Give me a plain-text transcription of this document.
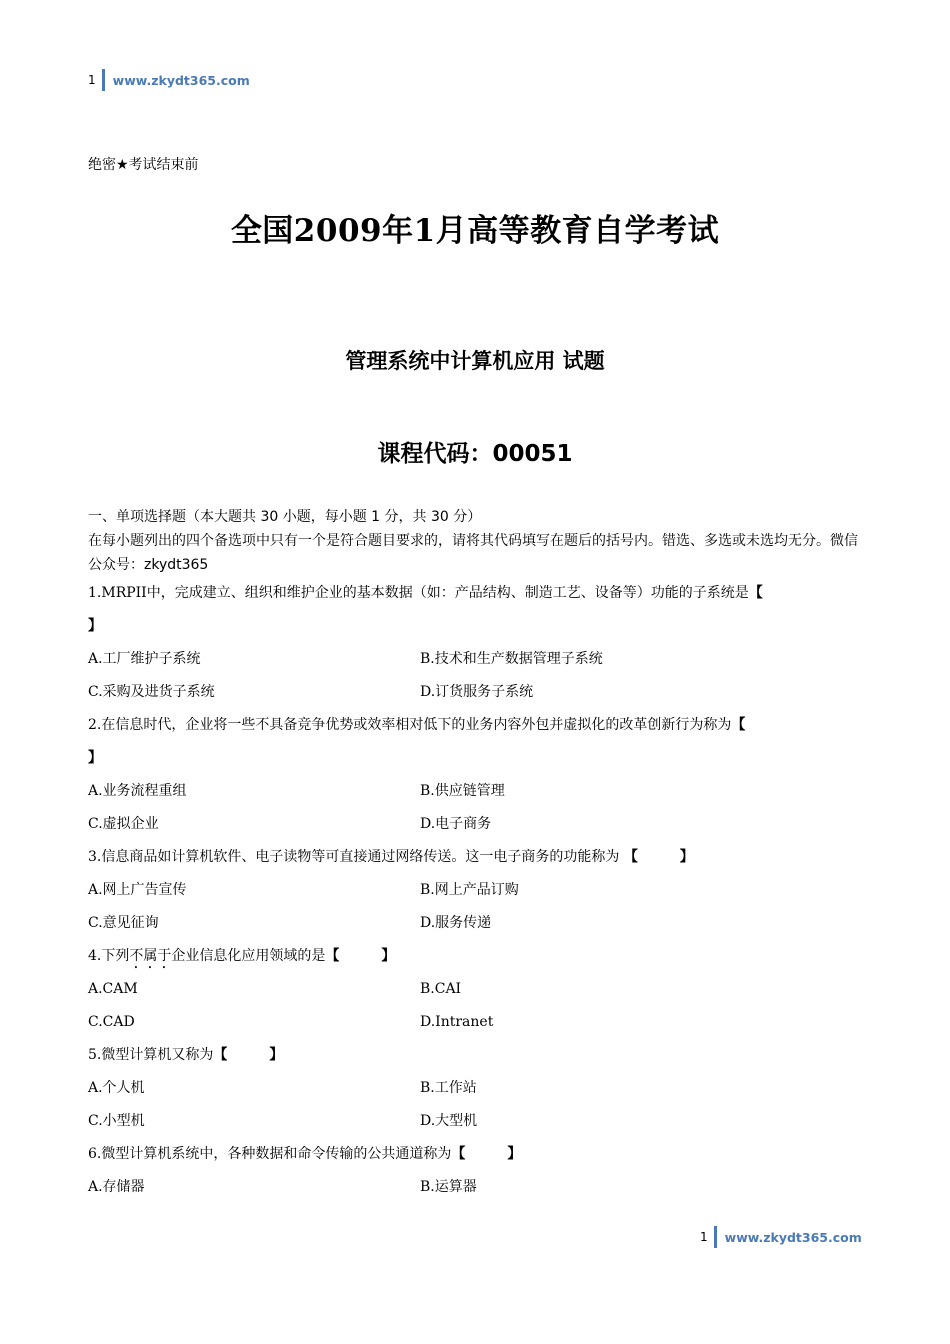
1 www.zkydt365.com
绝密★考试结束前
全国2009年1月高等教育自学考试
管理系统中计算机应用 试题
课程代码：00051
一、单项选择题（本大题共 30 小题，每小题 1 分，共 30 分）
在每小题列出的四个备选项中只有一个是符合题目要求的，请将其代码填写在题后的括号内。错选、多选或未选均无分。微信公众号：zkydt365
1.MRPII中，完成建立、组织和维护企业的基本数据（如：产品结构、制造工艺、设备等）功能的子系统是【
】
A.工厂维护子系统	B.技术和生产数据管理子系统
C.采购及进货子系统	D.订货服务子系统
2.在信息时代，企业将一些不具备竞争优势或效率相对低下的业务内容外包并虚拟化的改革创新行为称为【
】
A.业务流程重组	B.供应链管理
C.虚拟企业	D.电子商务
3.信息商品如计算机软件、电子读物等可直接通过网络传送。这一电子商务的功能称为 【　　　】
A.网上广告宣传	B.网上产品订购
C.意见征询	D.服务传递
4.下列不属于企业信息化应用领域的是【　　　】
A.CAM	B.CAI
C.CAD	D.Intranet
5.微型计算机又称为【　　　】
A.个人机	B.工作站
C.小型机	D.大型机
6.微型计算机系统中，各种数据和命令传输的公共通道称为【　　　】
A.存储器	B.运算器
1 www.zkydt365.com
